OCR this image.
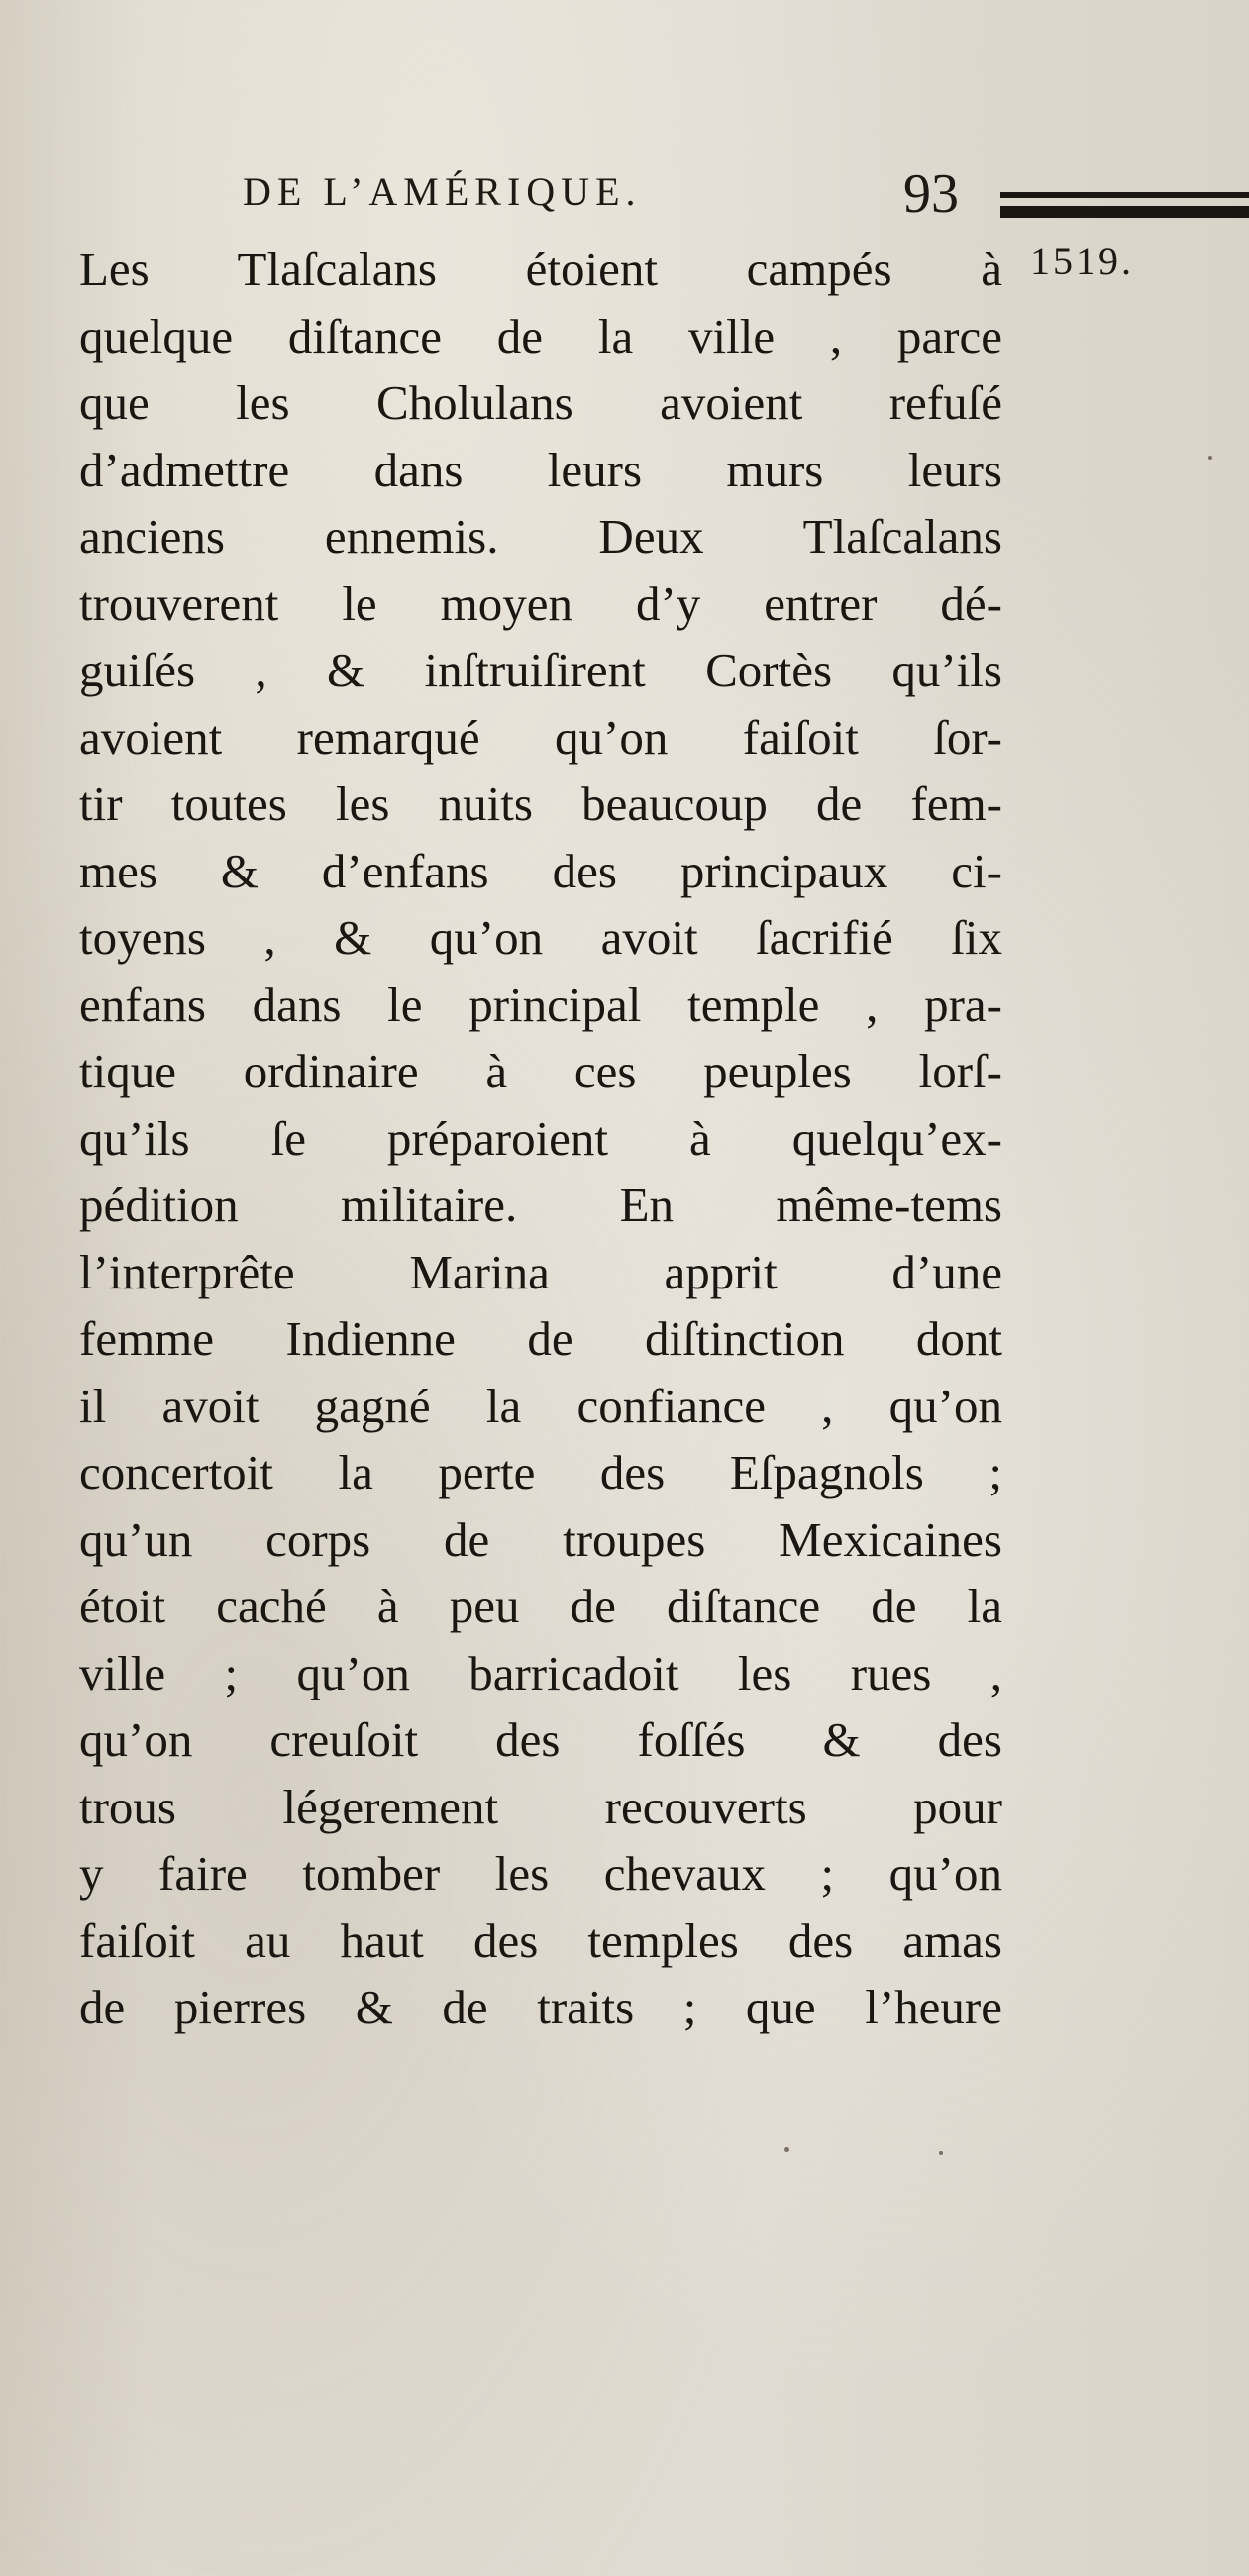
DE L’AMÉRIQUE.	93
1519.
Les Tlaſcalans étoient campés à
quelque diſtance de la ville , parce
que les Cholulans avoient refuſé
d’admettre dans leurs murs leurs
anciens ennemis. Deux Tlaſcalans
trouverent le moyen d’y entrer dé-
guiſés , & inſtruiſirent Cortès qu’ils
avoient remarqué qu’on faiſoit ſor-
tir toutes les nuits beaucoup de fem-
mes & d’enfans des principaux ci-
toyens , & qu’on avoit ſacrifié ſix
enfans dans le principal temple , pra-
tique ordinaire à ces peuples lorſ-
qu’ils ſe préparoient à quelqu’ex-
pédition militaire. En même-tems
l’interprête Marina apprit d’une
femme Indienne de diſtinction dont
il avoit gagné la confiance , qu’on
concertoit la perte des Eſpagnols ;
qu’un corps de troupes Mexicaines
étoit caché à peu de diſtance de la
ville ; qu’on barricadoit les rues ,
qu’on creuſoit des foſſés & des
trous légerement recouverts pour
y faire tomber les chevaux ; qu’on
faiſoit au haut des temples des amas
de pierres & de traits ; que l’heure
